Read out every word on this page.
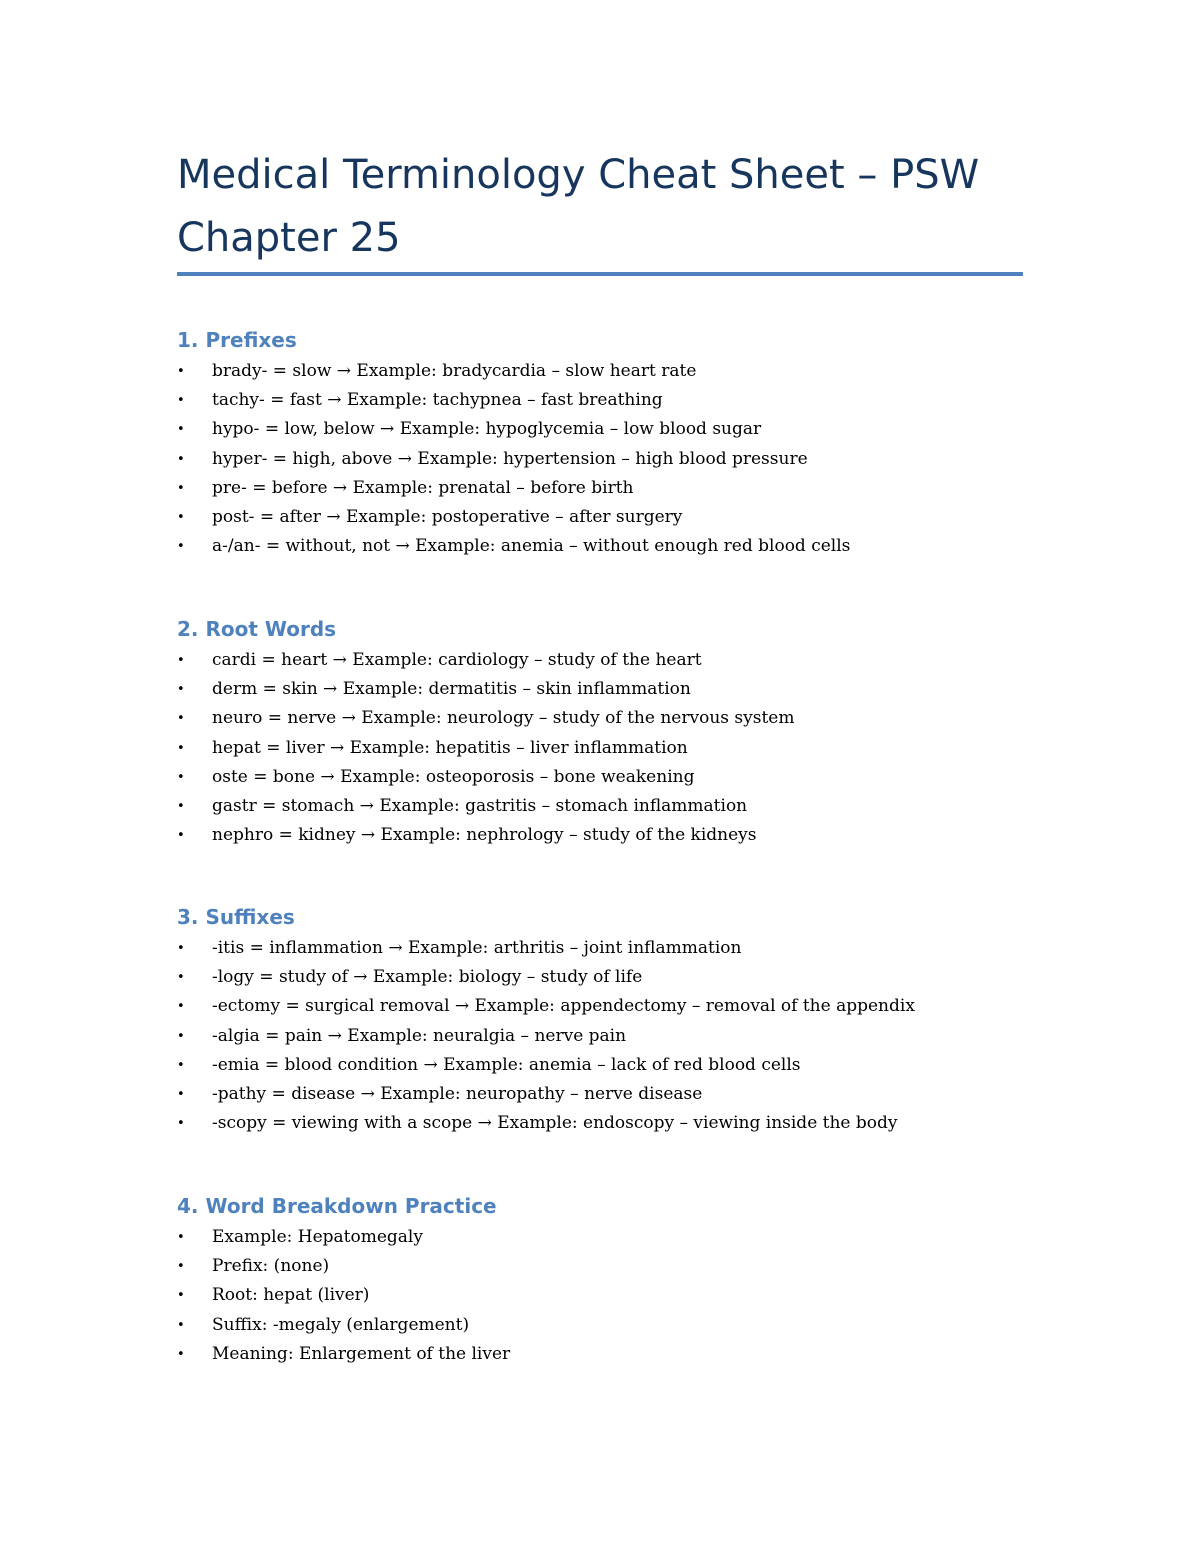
Medical Terminology Cheat Sheet – PSW Chapter 25
1. Prefixes
• brady- = slow → Example: bradycardia – slow heart rate
• tachy- = fast → Example: tachypnea – fast breathing
• hypo- = low, below → Example: hypoglycemia – low blood sugar
• hyper- = high, above → Example: hypertension – high blood pressure
• pre- = before → Example: prenatal – before birth
• post- = after → Example: postoperative – after surgery
• a-/an- = without, not → Example: anemia – without enough red blood cells
2. Root Words
• cardi = heart → Example: cardiology – study of the heart
• derm = skin → Example: dermatitis – skin inflammation
• neuro = nerve → Example: neurology – study of the nervous system
• hepat = liver → Example: hepatitis – liver inflammation
• oste = bone → Example: osteoporosis – bone weakening
• gastr = stomach → Example: gastritis – stomach inflammation
• nephro = kidney → Example: nephrology – study of the kidneys
3. Suffixes
• -itis = inflammation → Example: arthritis – joint inflammation
• -logy = study of → Example: biology – study of life
• -ectomy = surgical removal → Example: appendectomy – removal of the appendix
• -algia = pain → Example: neuralgia – nerve pain
• -emia = blood condition → Example: anemia – lack of red blood cells
• -pathy = disease → Example: neuropathy – nerve disease
• -scopy = viewing with a scope → Example: endoscopy – viewing inside the body
4. Word Breakdown Practice
• Example: Hepatomegaly
• Prefix: (none)
• Root: hepat (liver)
• Suffix: -megaly (enlargement)
• Meaning: Enlargement of the liver
